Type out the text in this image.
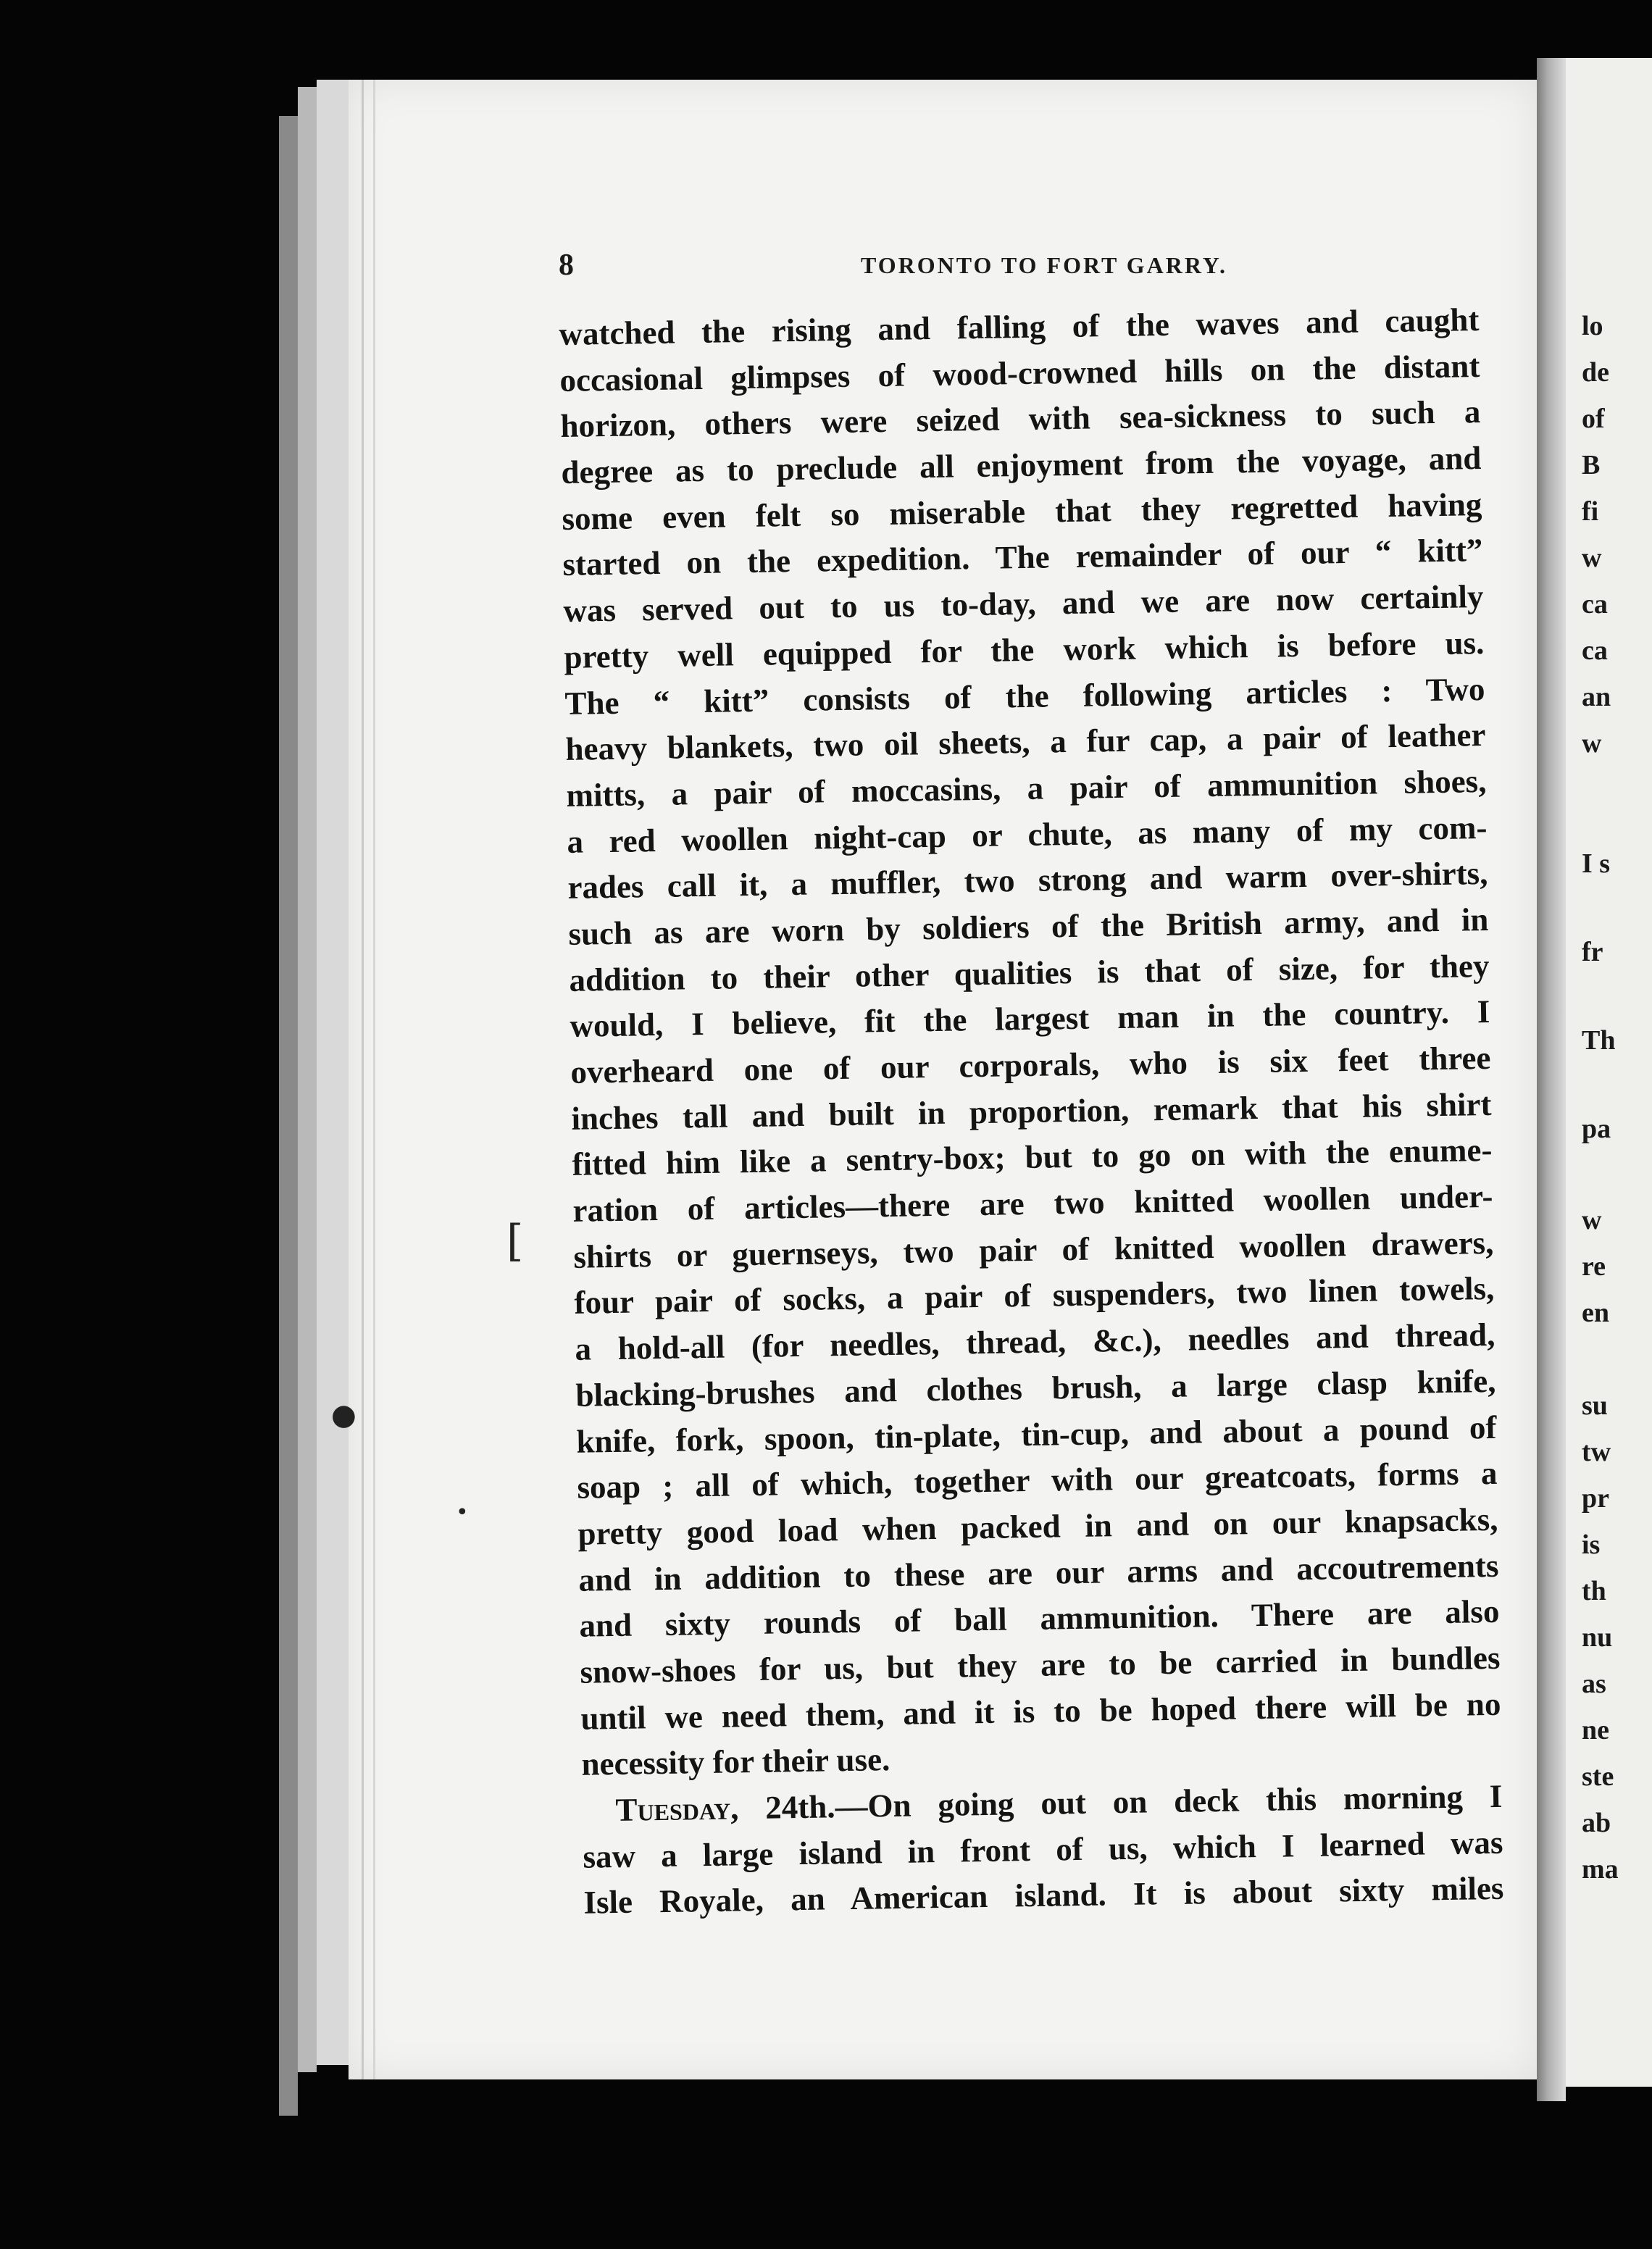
8	TORONTO TO FORT GARRY.
watched the rising and falling of the waves and caught
occasional glimpses of wood-crowned hills on the distant
horizon, others were seized with sea-sickness to such a
degree as to preclude all enjoyment from the voyage, and
some even felt so miserable that they regretted having
started on the expedition. The remainder of our “ kitt”
was served out to us to-day, and we are now certainly
pretty well equipped for the work which is before us.
The “ kitt” consists of the following articles : Two
heavy blankets, two oil sheets, a fur cap, a pair of leather
mitts, a pair of moccasins, a pair of ammunition shoes,
a red woollen night-cap or chute, as many of my com-
rades call it, a muffler, two strong and warm over-shirts,
such as are worn by soldiers of the British army, and in
addition to their other qualities is that of size, for they
would, I believe, fit the largest man in the country. I
overheard one of our corporals, who is six feet three
inches tall and built in proportion, remark that his shirt
fitted him like a sentry-box; but to go on with the enume-
ration of articles—there are two knitted woollen under-
shirts or guernseys, two pair of knitted woollen drawers,
four pair of socks, a pair of suspenders, two linen towels,
a hold-all (for needles, thread, &c.), needles and thread,
blacking-brushes and clothes brush, a large clasp knife,
knife, fork, spoon, tin-plate, tin-cup, and about a pound of
soap ; all of which, together with our greatcoats, forms a
pretty good load when packed in and on our knapsacks,
and in addition to these are our arms and accoutrements
and sixty rounds of ball ammunition. There are also
snow-shoes for us, but they are to be carried in bundles
until we need them, and it is to be hoped there will be no
necessity for their use.
Tuesday, 24th.—On going out on deck this morning I
saw a large island in front of us, which I learned was
Isle Royale, an American island. It is about sixty miles
[
●
•
lo
de
of
B
fi
w
ca
ca
an
w
I s
fr
Th
pa
w
re
en
su
tw
pr
is
th
nu
as
ne
ste
ab
ma
